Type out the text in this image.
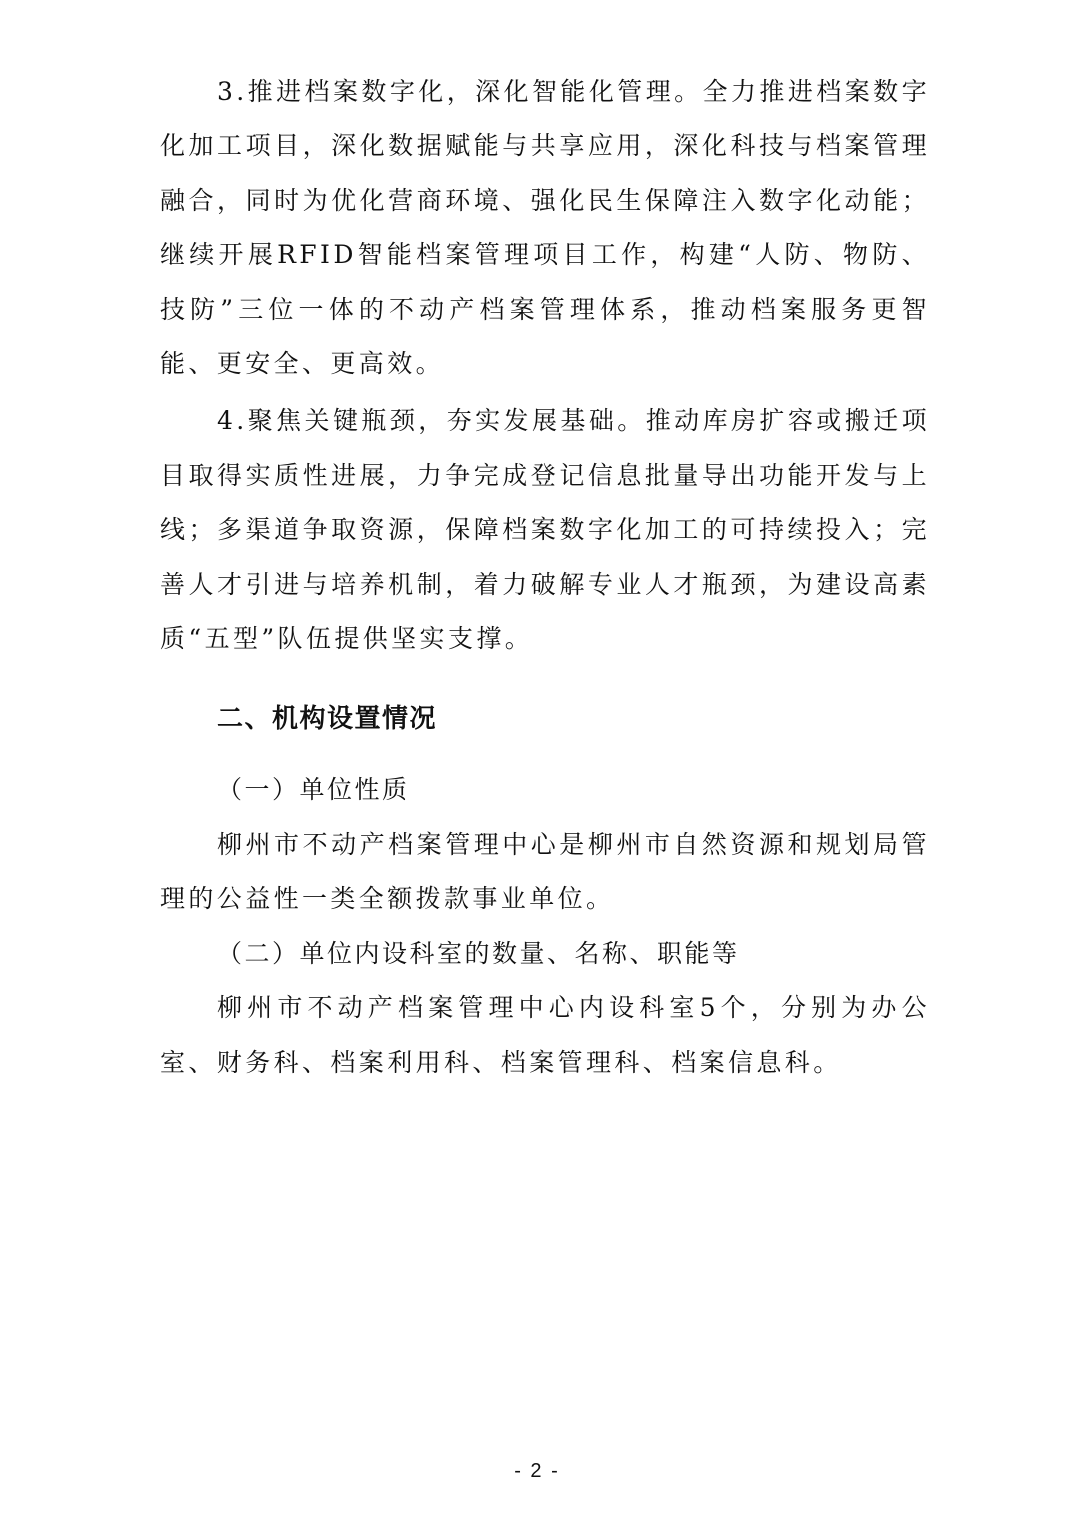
3.推进档案数字化，深化智能化管理。全力推进档案数字化加工项目，深化数据赋能与共享应用，深化科技与档案管理融合，同时为优化营商环境、强化民生保障注入数字化动能；继续开展RFID智能档案管理项目工作，构建“人防、物防、技防”三位一体的不动产档案管理体系，推动档案服务更智能、更安全、更高效。

4.聚焦关键瓶颈，夯实发展基础。推动库房扩容或搬迁项目取得实质性进展，力争完成登记信息批量导出功能开发与上线；多渠道争取资源，保障档案数字化加工的可持续投入；完善人才引进与培养机制，着力破解专业人才瓶颈，为建设高素质“五型”队伍提供坚实支撑。

二、机构设置情况

（一）单位性质

柳州市不动产档案管理中心是柳州市自然资源和规划局管理的公益性一类全额拨款事业单位。

（二）单位内设科室的数量、名称、职能等

柳州市不动产档案管理中心内设科室5个，分别为办公室、财务科、档案利用科、档案管理科、档案信息科。

- 2 -
